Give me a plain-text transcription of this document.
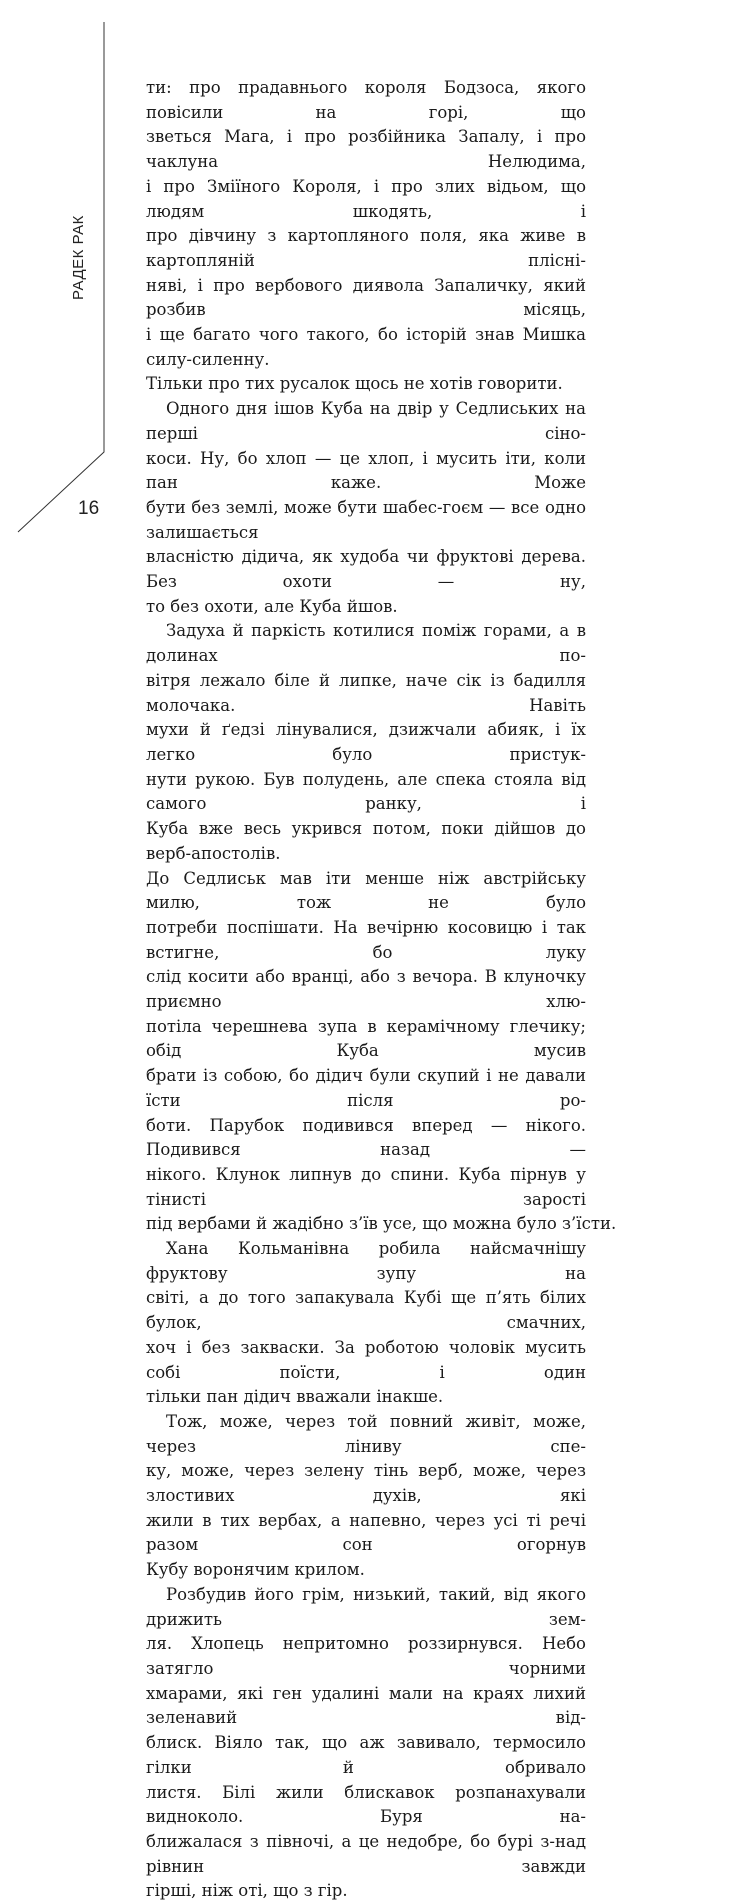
РАДЕК РАК
16

ти: про прадавнього короля Бодзоса, якого повісили на горі, що
зветься Мага, і про розбійника Запалу, і про чаклуна Нелюдима,
і про Зміїного Короля, і про злих відьом, що людям шкодять, і
про дівчину з картопляного поля, яка живе в картопляній плісні-
няві, і про вербового диявола Запаличку, який розбив місяць,
і ще багато чого такого, бо історій знав Мишка силу-силенну.
Тільки про тих русалок щось не хотів говорити.

Одного дня ішов Куба на двір у Седлиських на перші сіно-
коси. Ну, бо хлоп — це хлоп, і мусить іти, коли пан каже. Може
бути без землі, може бути шабес-гоєм — все одно залишається
власністю дідича, як худоба чи фруктові дерева. Без охоти — ну,
то без охоти, але Куба йшов.

Задуха й паркість котилися поміж горами, а в долинах по-
вітря лежало біле й липке, наче сік із бадилля молочака. Навіть
мухи й ґедзі лінувалися, дзижчали абияк, і їх легко було пристук-
нути рукою. Був полудень, але спека стояла від самого ранку, і
Куба вже весь укрився потом, поки дійшов до верб-апостолів.
До Седлиськ мав іти менше ніж австрійську милю, тож не було
потреби поспішати. На вечірню косовицю і так встигне, бо луку
слід косити або вранці, або з вечора. В клуночку приємно хлю-
потіла черешнева зупа в керамічному глечику; обід Куба мусив
брати із собою, бо дідич були скупий і не давали їсти після ро-
боти. Парубок подивився вперед — нікого. Подивився назад —
нікого. Клунок липнув до спини. Куба пірнув у тінисті зарості
під вербами й жадібно з’їв усе, що можна було з’їсти.

Хана Кольманівна робила найсмачнішу фруктову зупу на
світі, а до того запакувала Кубі ще п’ять білих булок, смачних,
хоч і без закваски. За роботою чоловік мусить собі поїсти, і один
тільки пан дідич вважали інакше.

Тож, може, через той повний живіт, може, через ліниву спе-
ку, може, через зелену тінь верб, може, через злостивих духів, які
жили в тих вербах, а напевно, через усі ті речі разом сон огорнув
Кубу воронячим крилом.

Розбудив його грім, низький, такий, від якого дрижить зем-
ля. Хлопець непритомно роззирнувся. Небо затягло чорними
хмарами, які ген удалині мали на краях лихий зеленавий від-
блиск. Віяло так, що аж завивало, термосило гілки й обривало
листя. Білі жили блискавок розпанахували видноколо. Буря на-
ближалася з півночі, а це недобре, бо бурі з-над рівнин завжди
гірші, ніж оті, що з гір.
